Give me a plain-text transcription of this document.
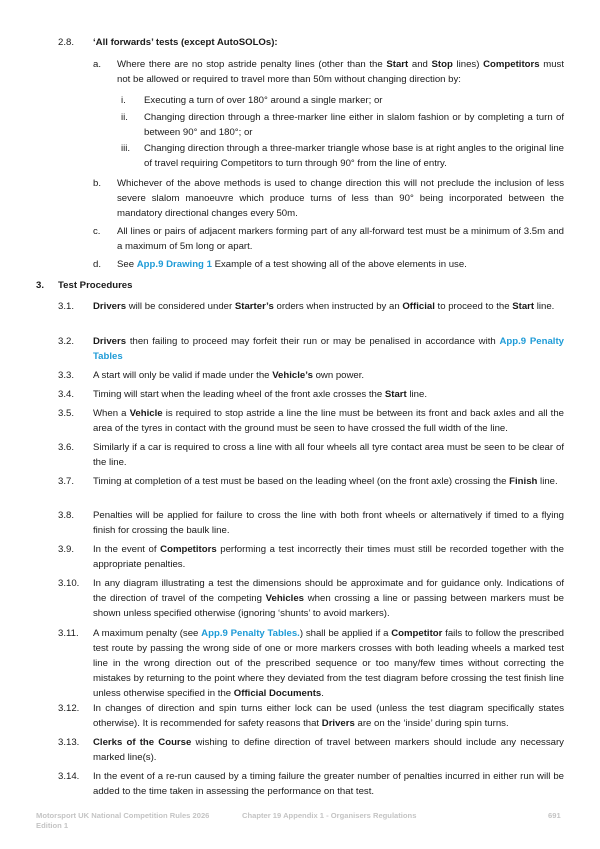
2.8. ‘All forwards’ tests (except AutoSOLOs):
a. Where there are no stop astride penalty lines (other than the Start and Stop lines) Competitors must not be allowed or required to travel more than 50m without changing direction by:
i. Executing a turn of over 180° around a single marker; or
ii. Changing direction through a three-marker line either in slalom fashion or by completing a turn of between 90° and 180°; or
iii. Changing direction through a three-marker triangle whose base is at right angles to the original line of travel requiring Competitors to turn through 90° from the line of entry.
b. Whichever of the above methods is used to change direction this will not preclude the inclusion of less severe slalom manoeuvre which produce turns of less than 90° being incorporated between the mandatory directional changes every 50m.
c. All lines or pairs of adjacent markers forming part of any all-forward test must be a minimum of 3.5m and a maximum of 5m long or apart.
d. See App.9 Drawing 1 Example of a test showing all of the above elements in use.
3. Test Procedures
3.1. Drivers will be considered under Starter’s orders when instructed by an Official to proceed to the Start line.
3.2. Drivers then failing to proceed may forfeit their run or may be penalised in accordance with App.9 Penalty Tables
3.3. A start will only be valid if made under the Vehicle’s own power.
3.4. Timing will start when the leading wheel of the front axle crosses the Start line.
3.5. When a Vehicle is required to stop astride a line the line must be between its front and back axles and all the area of the tyres in contact with the ground must be seen to have crossed the full width of the line.
3.6. Similarly if a car is required to cross a line with all four wheels all tyre contact area must be seen to be clear of the line.
3.7. Timing at completion of a test must be based on the leading wheel (on the front axle) crossing the Finish line.
3.8. Penalties will be applied for failure to cross the line with both front wheels or alternatively if timed to a flying finish for crossing the baulk line.
3.9. In the event of Competitors performing a test incorrectly their times must still be recorded together with the appropriate penalties.
3.10. In any diagram illustrating a test the dimensions should be approximate and for guidance only. Indications of the direction of travel of the competing Vehicles when crossing a line or passing between markers must be shown unless specified otherwise (ignoring ‘shunts’ to avoid markers).
3.11. A maximum penalty (see App.9 Penalty Tables.) shall be applied if a Competitor fails to follow the prescribed test route by passing the wrong side of one or more markers crosses with both leading wheels a marked test line in the wrong direction out of the prescribed sequence or too many/few times without correcting the mistakes by returning to the point where they deviated from the test diagram before crossing the test finish line unless otherwise specified in the Official Documents.
3.12. In changes of direction and spin turns either lock can be used (unless the test diagram specifically states otherwise). It is recommended for safety reasons that Drivers are on the ‘inside’ during spin turns.
3.13. Clerks of the Course wishing to define direction of travel between markers should include any necessary marked line(s).
3.14. In the event of a re-run caused by a timing failure the greater number of penalties incurred in either run will be added to the time taken in assessing the performance on that test.
Motorsport UK National Competition Rules 2026
Edition 1
Chapter 19 Appendix 1 - Organisers Regulations	691
